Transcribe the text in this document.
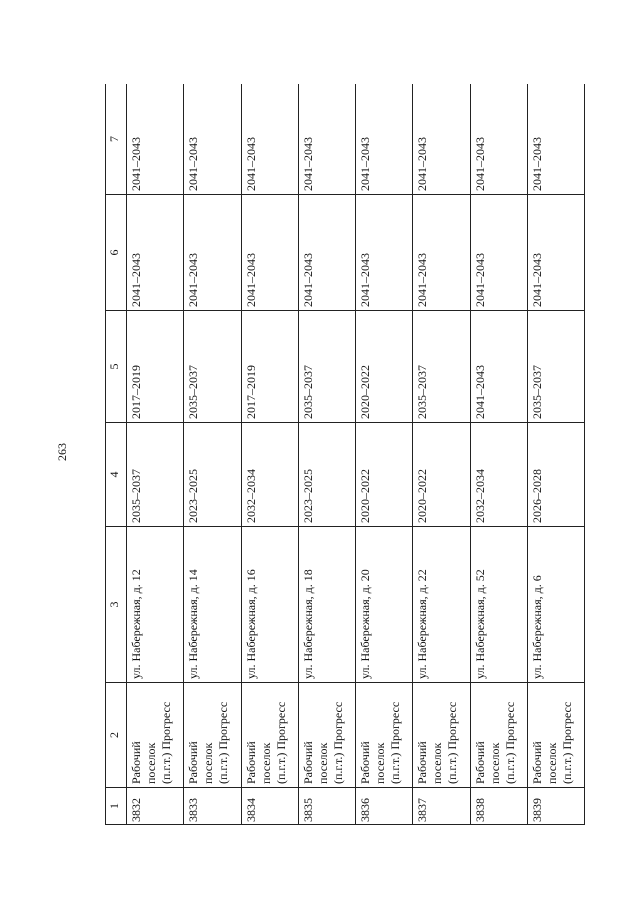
263
1	2	3	4	5	6	7
3832	Рабочий поселок (п.г.т.) Прогресс	ул. Набережная, д. 12	2035–2037	2017–2019	2041–2043	2041–2043
3833	Рабочий поселок (п.г.т.) Прогресс	ул. Набережная, д. 14	2023–2025	2035–2037	2041–2043	2041–2043
3834	Рабочий поселок (п.г.т.) Прогресс	ул. Набережная, д. 16	2032–2034	2017–2019	2041–2043	2041–2043
3835	Рабочий поселок (п.г.т.) Прогресс	ул. Набережная, д. 18	2023–2025	2035–2037	2041–2043	2041–2043
3836	Рабочий поселок (п.г.т.) Прогресс	ул. Набережная, д. 20	2020–2022	2020–2022	2041–2043	2041–2043
3837	Рабочий поселок (п.г.т.) Прогресс	ул. Набережная, д. 22	2020–2022	2035–2037	2041–2043	2041–2043
3838	Рабочий поселок (п.г.т.) Прогресс	ул. Набережная, д. 52	2032–2034	2041–2043	2041–2043	2041–2043
3839	Рабочий поселок (п.г.т.) Прогресс	ул. Набережная, д. 6	2026–2028	2035–2037	2041–2043	2041–2043
